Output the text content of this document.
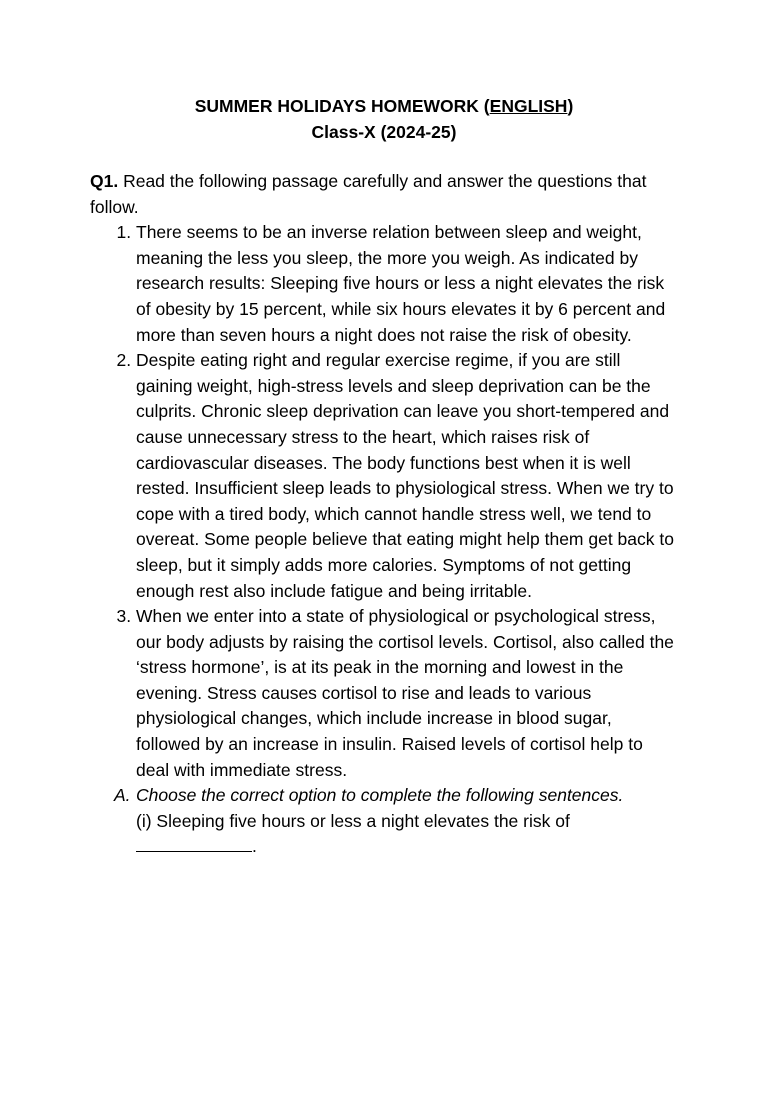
SUMMER HOLIDAYS HOMEWORK (ENGLISH)
Class-X (2024-25)
Q1. Read the following passage carefully and answer the questions that follow.
1. There seems to be an inverse relation between sleep and weight, meaning the less you sleep, the more you weigh. As indicated by research results: Sleeping five hours or less a night elevates the risk of obesity by 15 percent, while six hours elevates it by 6 percent and more than seven hours a night does not raise the risk of obesity.
2. Despite eating right and regular exercise regime, if you are still gaining weight, high-stress levels and sleep deprivation can be the culprits. Chronic sleep deprivation can leave you short-tempered and cause unnecessary stress to the heart, which raises risk of cardiovascular diseases. The body functions best when it is well rested. Insufficient sleep leads to physiological stress. When we try to cope with a tired body, which cannot handle stress well, we tend to overeat. Some people believe that eating might help them get back to sleep, but it simply adds more calories. Symptoms of not getting enough rest also include fatigue and being irritable.
3. When we enter into a state of physiological or psychological stress, our body adjusts by raising the cortisol levels. Cortisol, also called the ‘stress hormone’, is at its peak in the morning and lowest in the evening. Stress causes cortisol to rise and leads to various physiological changes, which include increase in blood sugar, followed by an increase in insulin. Raised levels of cortisol help to deal with immediate stress.
A. Choose the correct option to complete the following sentences.
(i) Sleeping five hours or less a night elevates the risk of.
